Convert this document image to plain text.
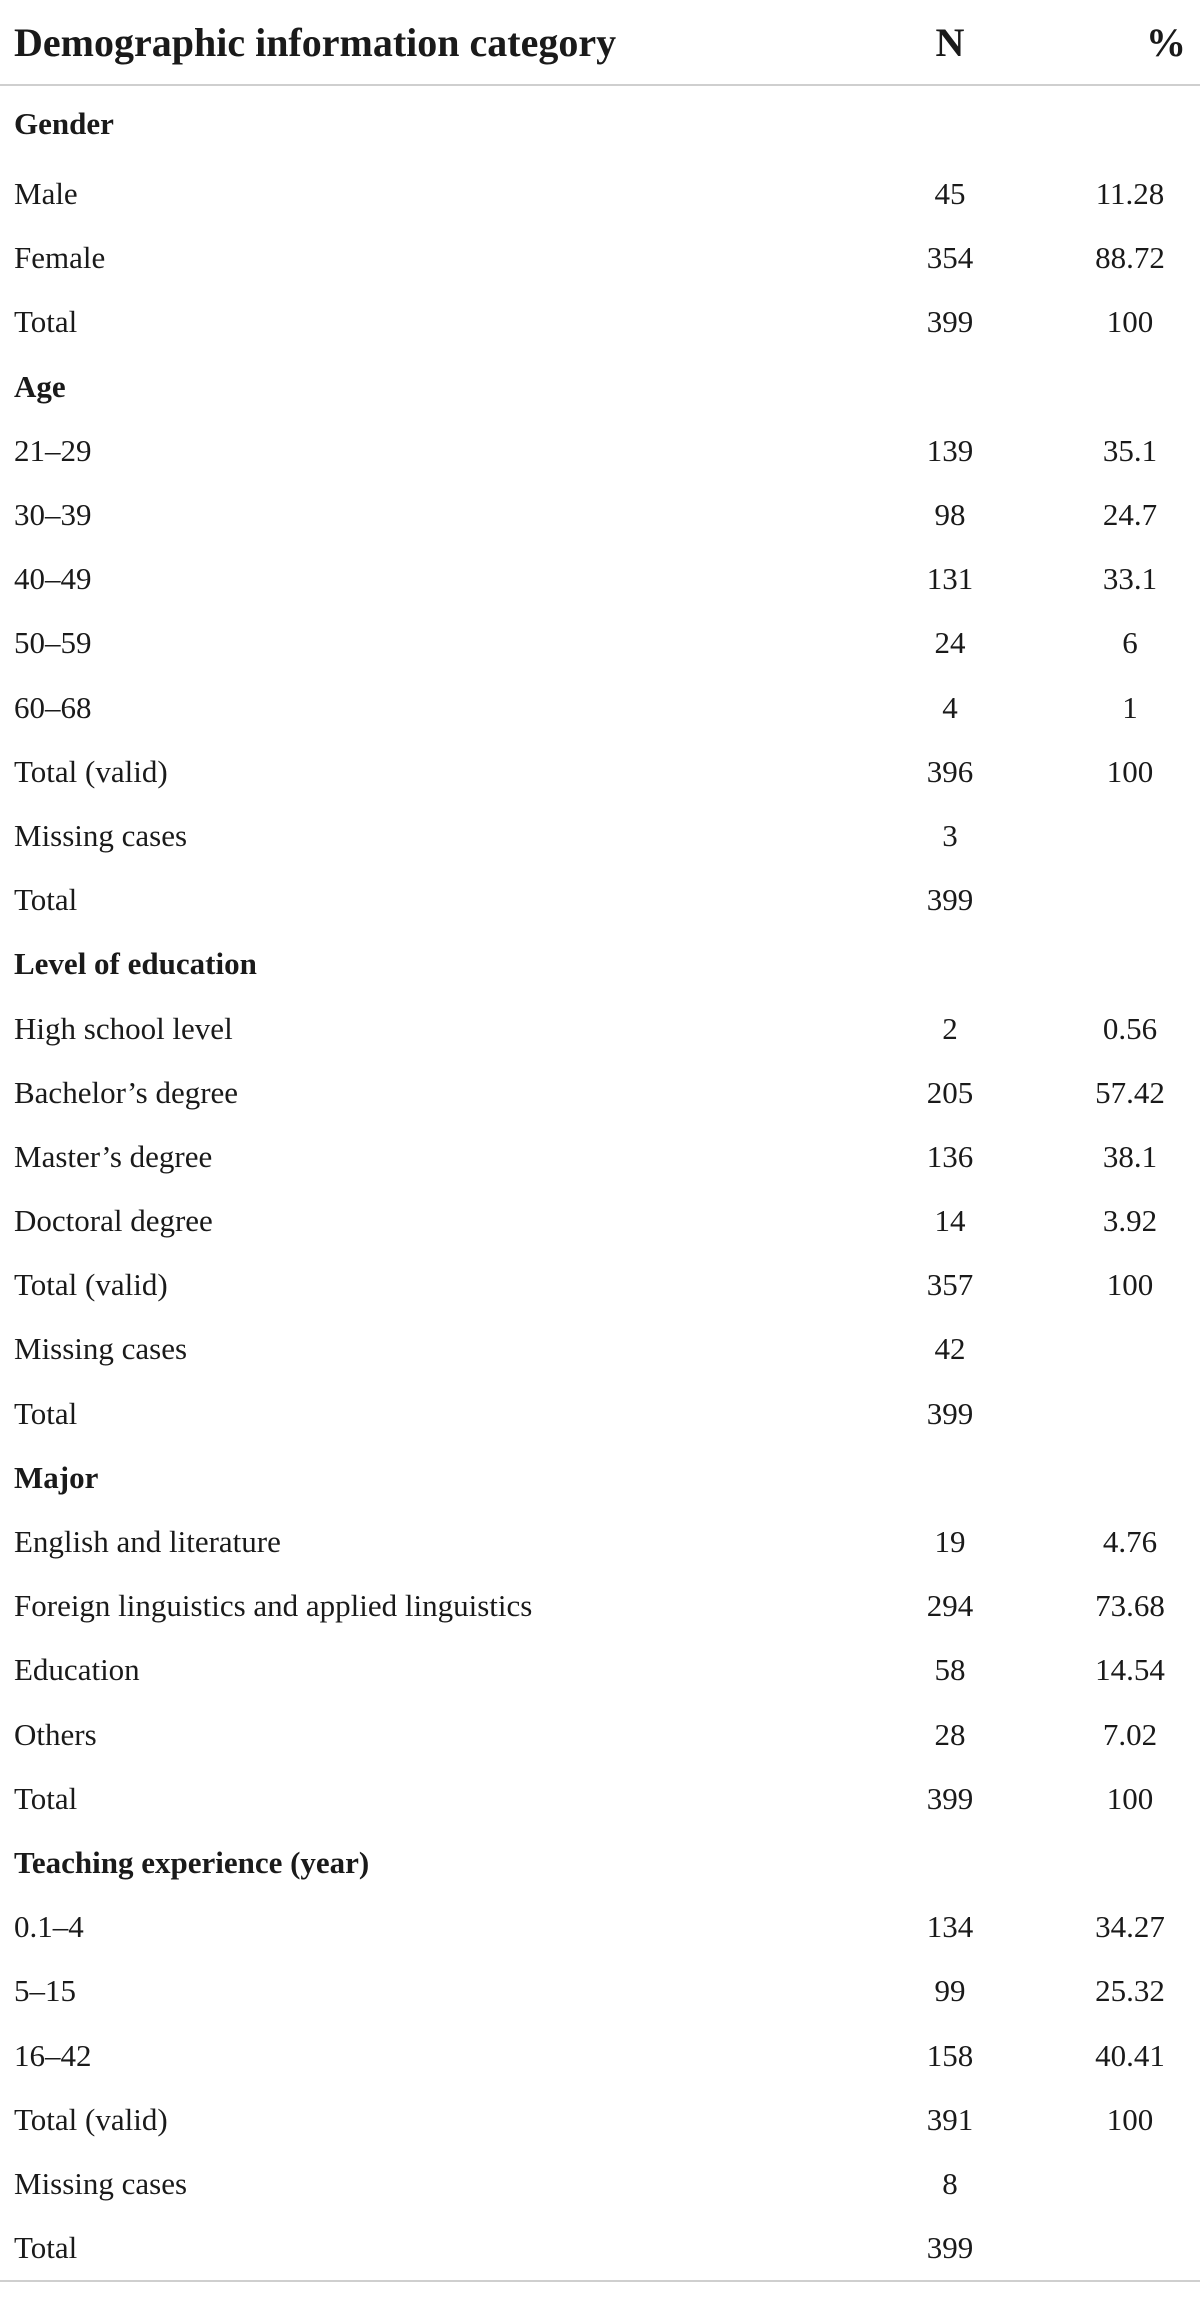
Demographic information category	N	%
Gender		
Male	45	11.28
Female	354	88.72
Total	399	100
Age		
21–29	139	35.1
30–39	98	24.7
40–49	131	33.1
50–59	24	6
60–68	4	1
Total (valid)	396	100
Missing cases	3	
Total	399	
Level of education		
High school level	2	0.56
Bachelor’s degree	205	57.42
Master’s degree	136	38.1
Doctoral degree	14	3.92
Total (valid)	357	100
Missing cases	42	
Total	399	
Major		
English and literature	19	4.76
Foreign linguistics and applied linguistics	294	73.68
Education	58	14.54
Others	28	7.02
Total	399	100
Teaching experience (year)		
0.1–4	134	34.27
5–15	99	25.32
16–42	158	40.41
Total (valid)	391	100
Missing cases	8	
Total	399	
